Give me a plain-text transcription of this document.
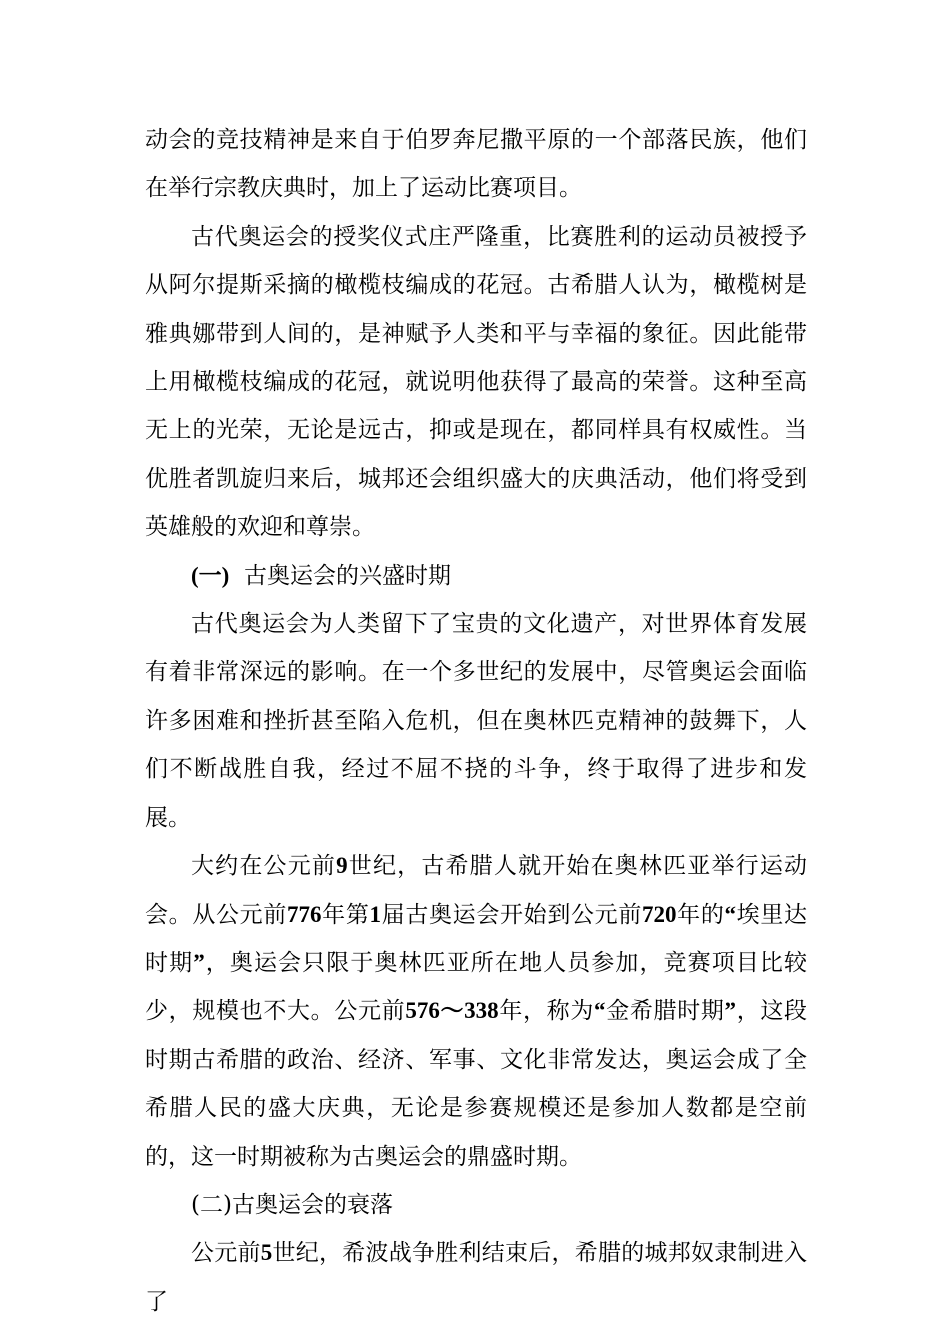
动会的竞技精神是来自于伯罗奔尼撒平原的一个部落民族，他们在举行宗教庆典时，加上了运动比赛项目。

古代奥运会的授奖仪式庄严隆重，比赛胜利的运动员被授予从阿尔提斯采摘的橄榄枝编成的花冠。古希腊人认为，橄榄树是雅典娜带到人间的，是神赋予人类和平与幸福的象征。因此能带上用橄榄枝编成的花冠，就说明他获得了最高的荣誉。这种至高无上的光荣，无论是远古，抑或是现在，都同样具有权威性。当优胜者凯旋归来后，城邦还会组织盛大的庆典活动，他们将受到英雄般的欢迎和尊崇。

(一) 古奥运会的兴盛时期

古代奥运会为人类留下了宝贵的文化遗产，对世界体育发展有着非常深远的影响。在一个多世纪的发展中，尽管奥运会面临许多困难和挫折甚至陷入危机，但在奥林匹克精神的鼓舞下，人们不断战胜自我，经过不屈不挠的斗争，终于取得了进步和发展。

大约在公元前9世纪，古希腊人就开始在奥林匹亚举行运动会。从公元前776年第1届古奥运会开始到公元前720年的“埃里达时期”，奥运会只限于奥林匹亚所在地人员参加，竞赛项目比较少，规模也不大。公元前576～338年，称为“金希腊时期”，这段时期古希腊的政治、经济、军事、文化非常发达，奥运会成了全希腊人民的盛大庆典，无论是参赛规模还是参加人数都是空前的，这一时期被称为古奥运会的鼎盛时期。

(二)古奥运会的衰落

公元前5世纪，希波战争胜利结束后，希腊的城邦奴隶制进入了
